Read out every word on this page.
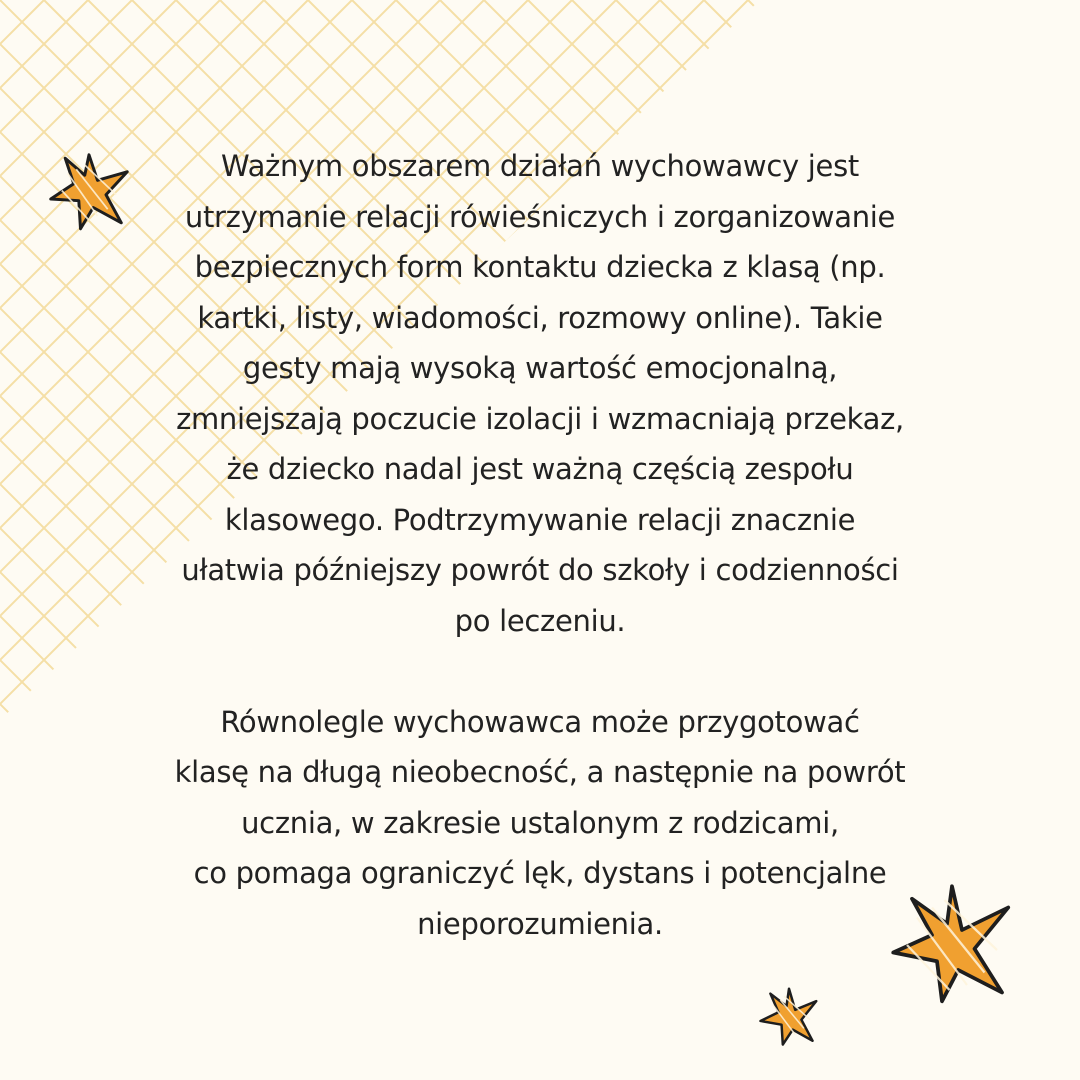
Ważnym obszarem działań wychowawcy jest
utrzymanie relacji rówieśniczych i zorganizowanie
bezpiecznych form kontaktu dziecka z klasą (np.
kartki, listy, wiadomości, rozmowy online). Takie
gesty mają wysoką wartość emocjonalną,
zmniejszają poczucie izolacji i wzmacniają przekaz,
że dziecko nadal jest ważną częścią zespołu
klasowego. Podtrzymywanie relacji znacznie
ułatwia późniejszy powrót do szkoły i codzienności
po leczeniu.
Równolegle wychowawca może przygotować
klasę na długą nieobecność, a następnie na powrót
ucznia, w zakresie ustalonym z rodzicami,
co pomaga ograniczyć lęk, dystans i potencjalne
nieporozumienia.
